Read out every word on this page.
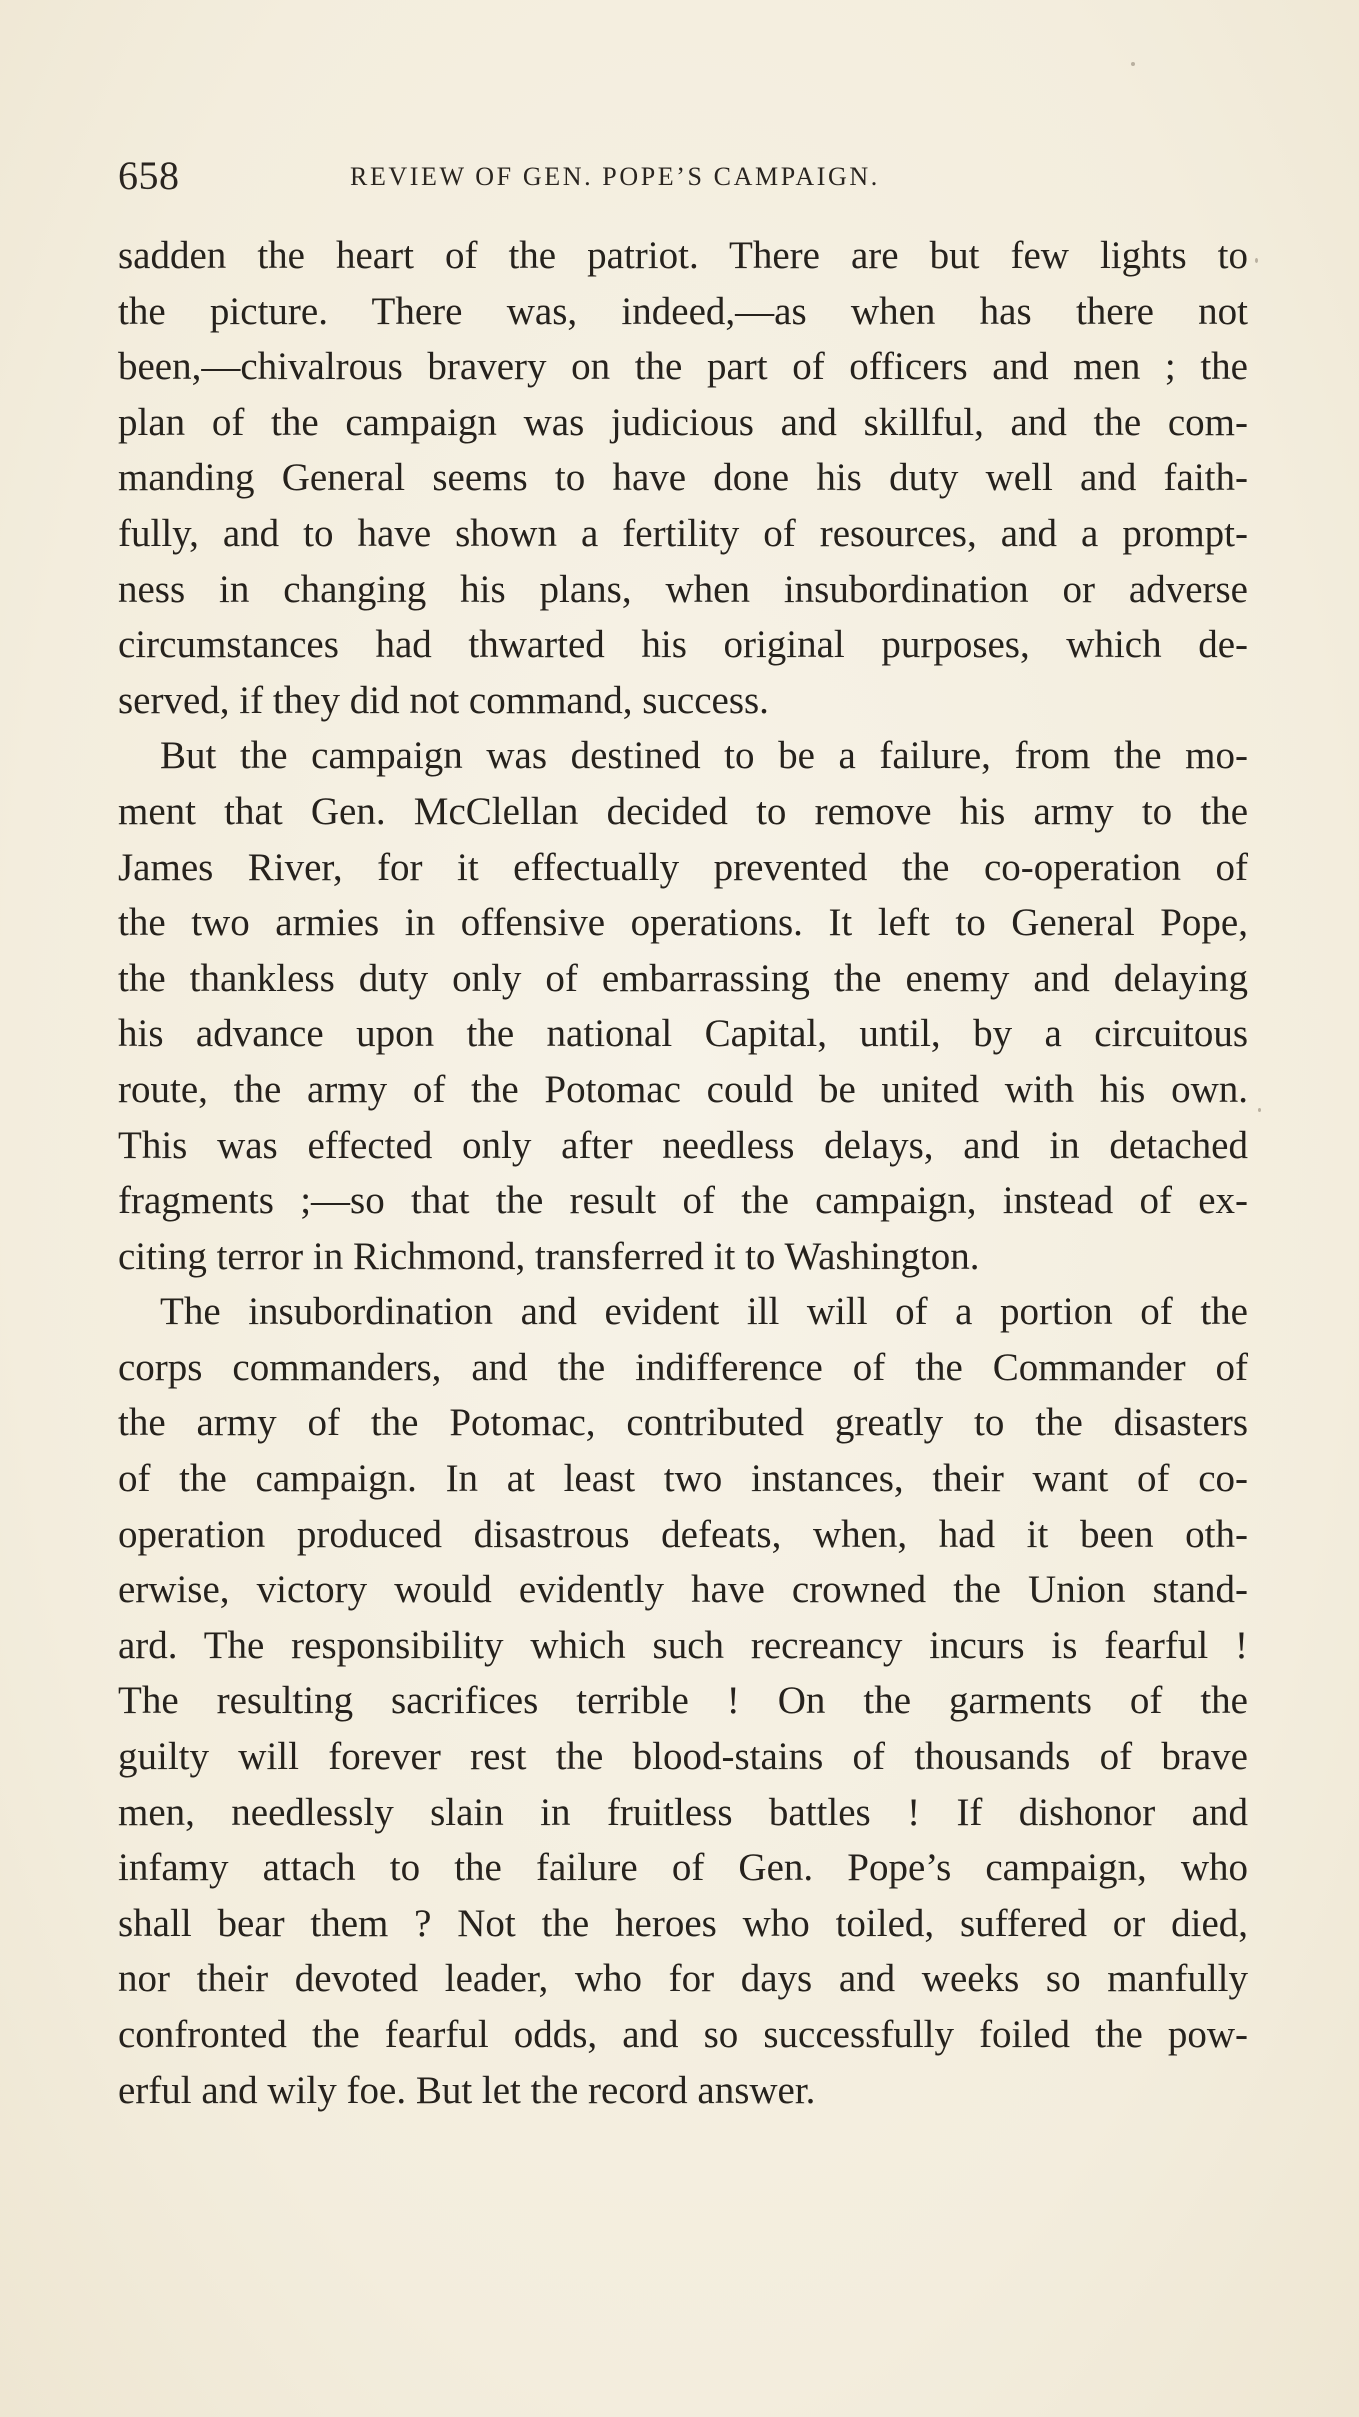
658	REVIEW OF GEN. POPE’S CAMPAIGN.

sadden the heart of the patriot. There are but few lights to
the picture. There was, indeed,—as when has there not
been,—chivalrous bravery on the part of officers and men ; the
plan of the campaign was judicious and skillful, and the com-
manding General seems to have done his duty well and faith-
fully, and to have shown a fertility of resources, and a prompt-
ness in changing his plans, when insubordination or adverse
circumstances had thwarted his original purposes, which de-
served, if they did not command, success.

But the campaign was destined to be a failure, from the mo-
ment that Gen. McClellan decided to remove his army to the
James River, for it effectually prevented the co-operation of
the two armies in offensive operations. It left to General Pope,
the thankless duty only of embarrassing the enemy and delaying
his advance upon the national Capital, until, by a circuitous
route, the army of the Potomac could be united with his own.
This was effected only after needless delays, and in detached
fragments ;—so that the result of the campaign, instead of ex-
citing terror in Richmond, transferred it to Washington.

The insubordination and evident ill will of a portion of the
corps commanders, and the indifference of the Commander of
the army of the Potomac, contributed greatly to the disasters
of the campaign. In at least two instances, their want of co-
operation produced disastrous defeats, when, had it been oth-
erwise, victory would evidently have crowned the Union stand-
ard. The responsibility which such recreancy incurs is fearful !
The resulting sacrifices terrible ! On the garments of the
guilty will forever rest the blood-stains of thousands of brave
men, needlessly slain in fruitless battles ! If dishonor and
infamy attach to the failure of Gen. Pope’s campaign, who
shall bear them ? Not the heroes who toiled, suffered or died,
nor their devoted leader, who for days and weeks so manfully
confronted the fearful odds, and so successfully foiled the pow-
erful and wily foe. But let the record answer.
